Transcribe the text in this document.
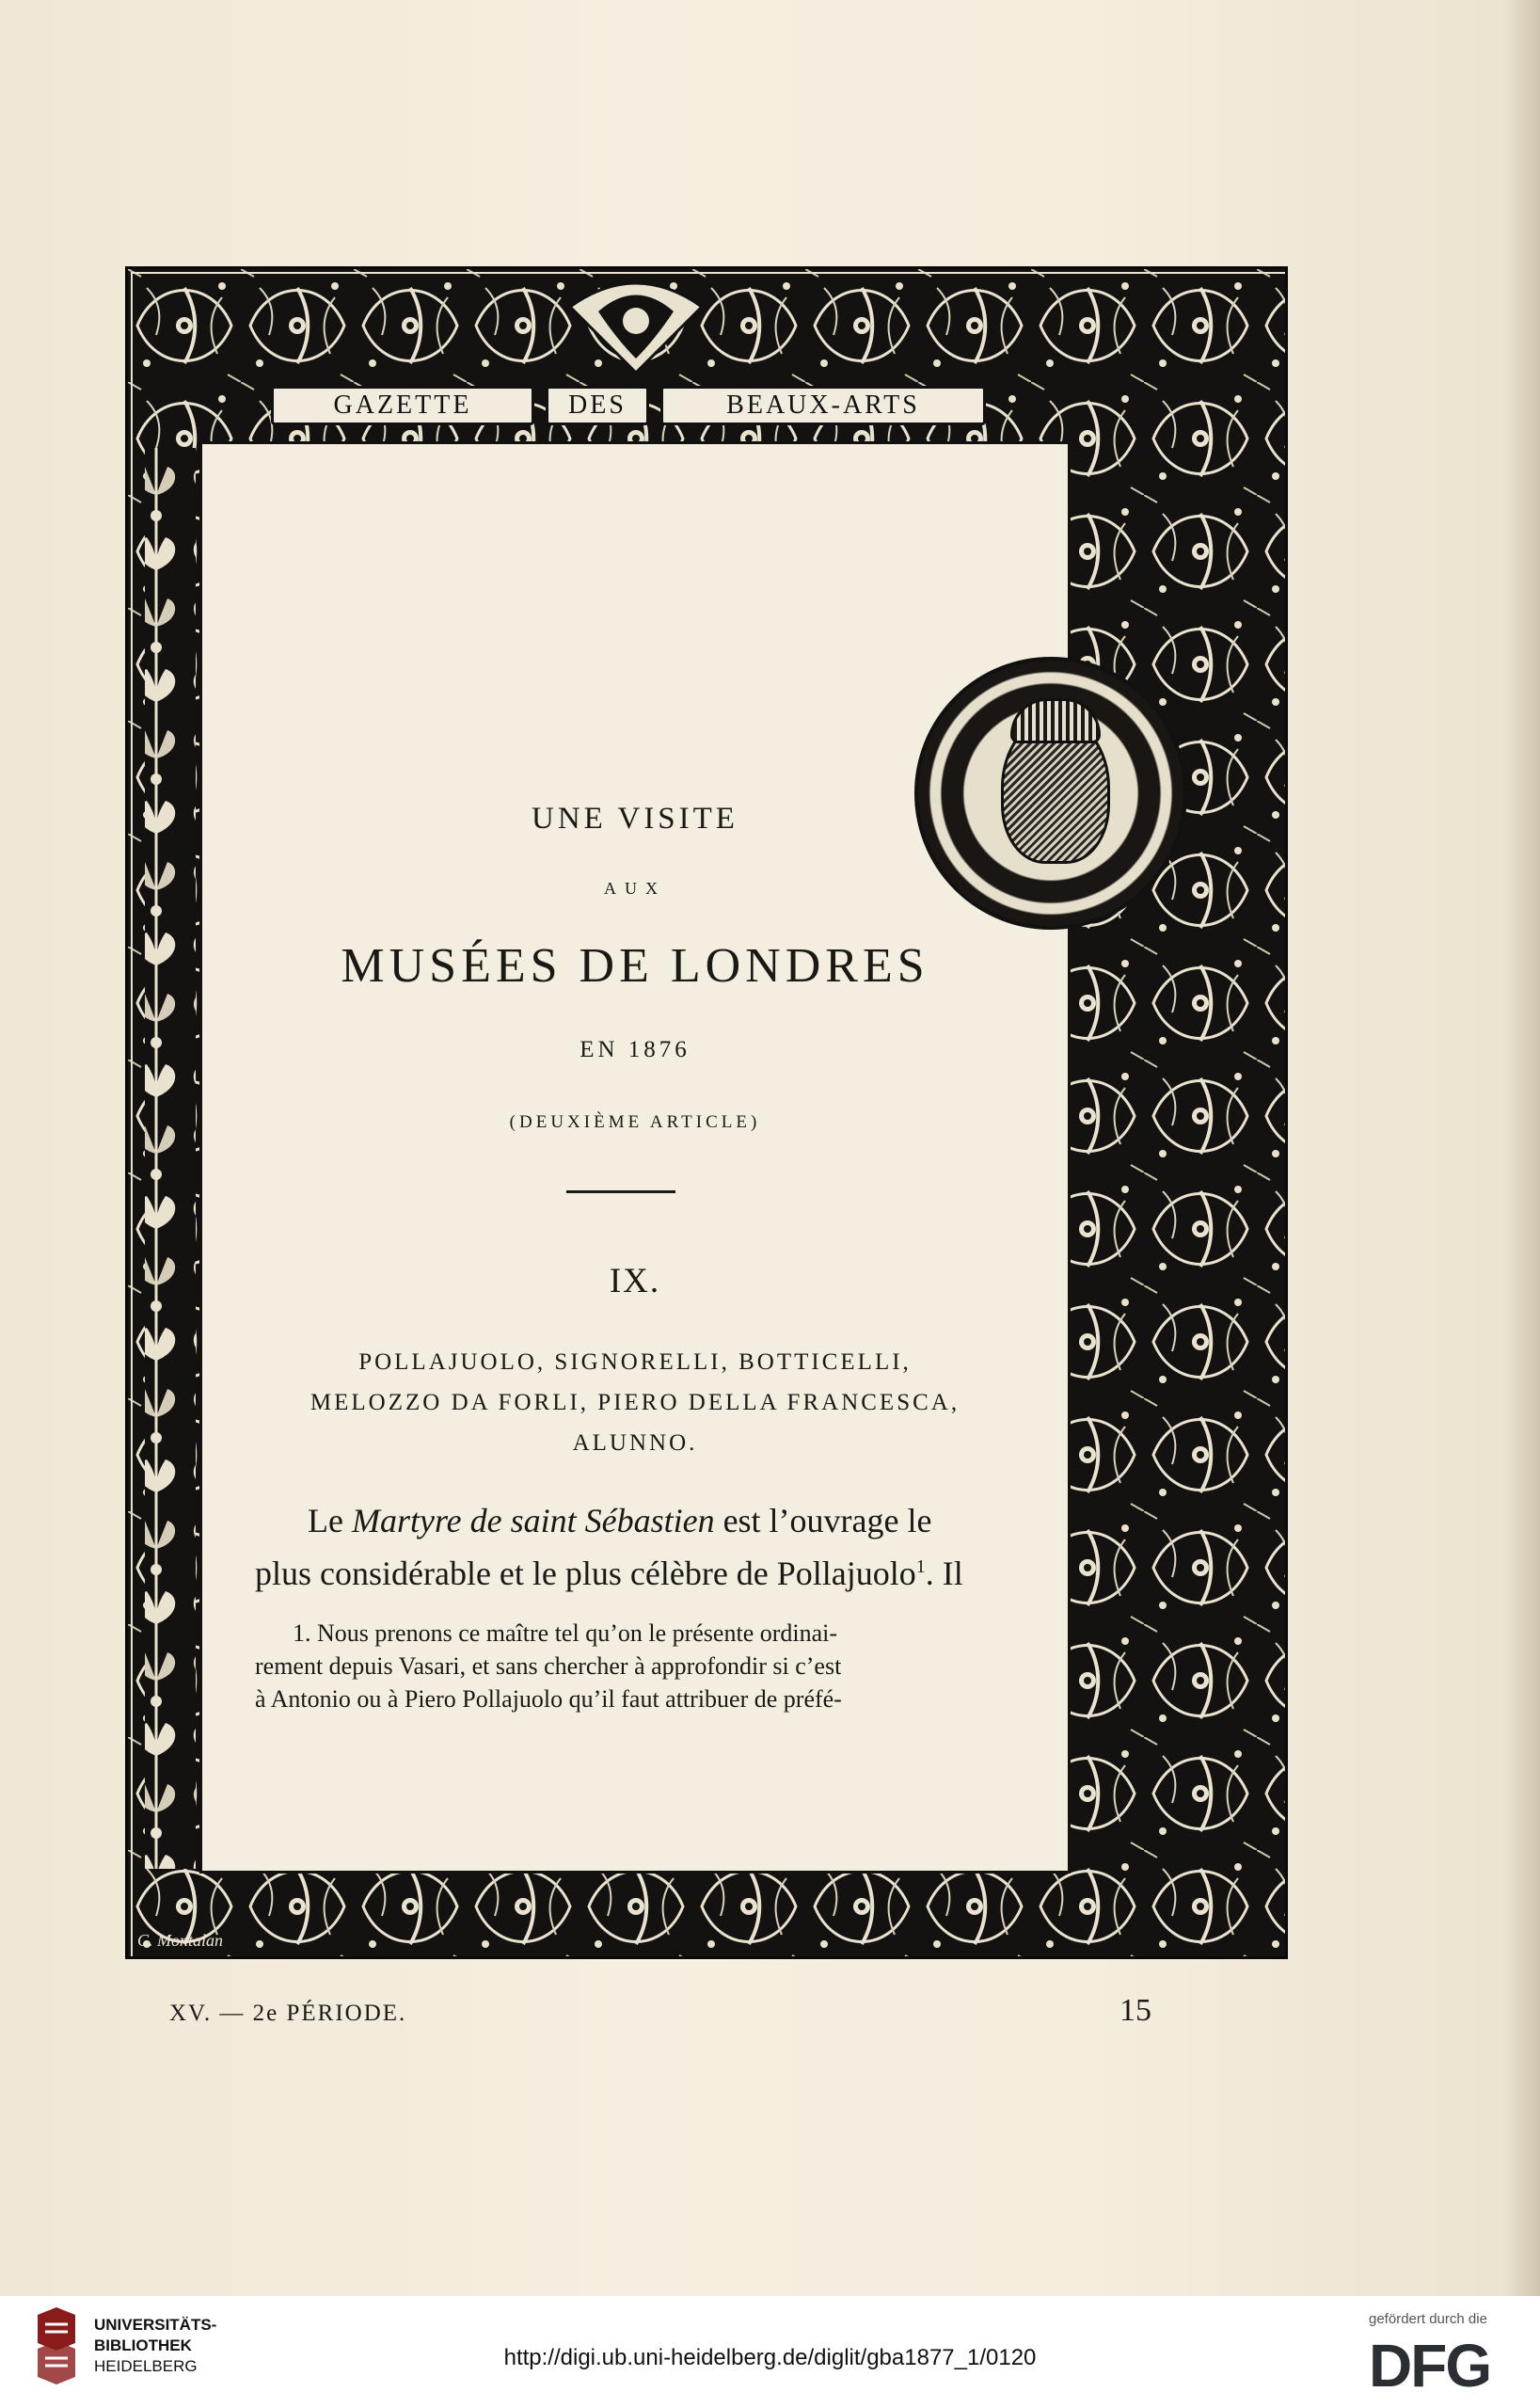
GAZETTE	DES	BEAUX-ARTS
UNE VISITE
AUX
MUSÉES DE LONDRES
EN 1876
(DEUXIÈME ARTICLE)
IX.
POLLAJUOLO, SIGNORELLI, BOTTICELLI,
MELOZZO DA FORLI, PIERO DELLA FRANCESCA,
ALUNNO.
Le Martyre de saint Sébastien est l’ouvrage le
plus considérable et le plus célèbre de Pollajuolo$^1$. Il
1. Nous prenons ce maître tel qu’on le présente ordinai-
rement depuis Vasari, et sans chercher à approfondir si c’est
à Antonio ou à Piero Pollajuolo qu’il faut attribuer de préfé-
C. Montalan
XV. — 2e PÉRIODE.	15
UNIVERSITÄTS-
BIBLIOTHEK
HEIDELBERG	http://digi.ub.uni-heidelberg.de/diglit/gba1877_1/0120
gefördert durch die
DFG
